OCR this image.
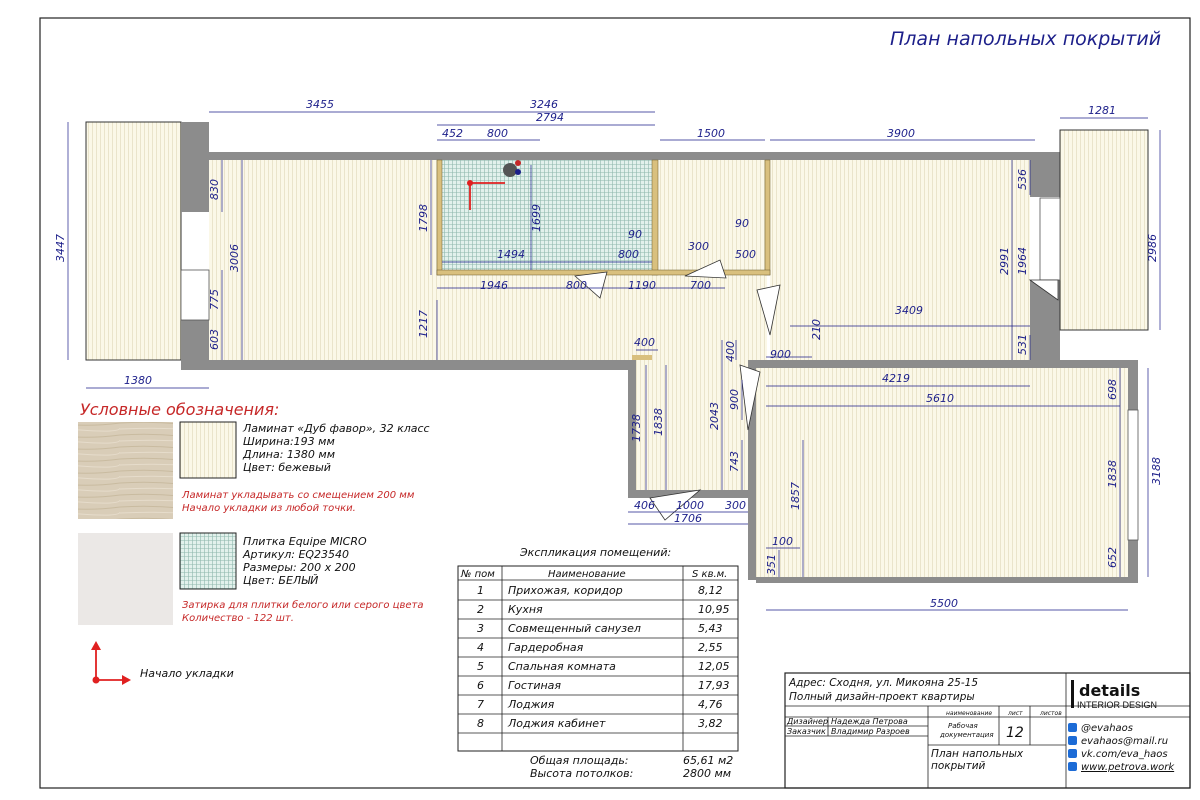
План напольных покрытий
3455	3246
452 800
2794
1500	3900
1281
3447
830
3006
775
603
1380
1798	1699
1494	800
90
300
500
90
1946	800	1190	700
1217	3409
210
2991 1964
536
531
2986
400	400	900
900
1738 1838	2043
743
406 1000 300
1706
4219
5610	698
1838	3188
652
1857
100
351
5500
Условные обозначения:
Ламинат «Дуб фавор», 32 класс
Ширина:193 мм
Длина: 1380 мм
Цвет: бежевый
Ламинат укладывать со смещением 200 мм
Начало укладки из любой точки.
Плитка Equipe MICRO
Артикул: EQ23540
Размеры: 200 х 200
Цвет: БЕЛЫЙ
Затирка для плитки белого или серого цвета
Количество - 122 шт.
Начало укладки
Экспликация помещений:
№ пом	Наименование	S кв.м.
1 Прихожая, коридор	8,12
2 Кухня	10,95
3 Совмещенный санузел	5,43
4 Гардеробная	2,55
5 Спальная комната	12,05
6 Гостиная	17,93
7 Лоджия	4,76
8 Лоджия кабинет	3,82
Общая площадь:	65,61 м2
Высота потолков:	2800 мм
Адрес: Сходня, ул. Микояна 25-15
Полный дизайн-проект квартиры
наименование	лист	листов
Дизайнер Надежда Петрова
Заказчик Владимир Разроев
Рабочая
документация 12
План напольных
покрытий
details
INTERIOR DESIGN
@evahaos
evahaos@mail.ru
vk.com/eva_haos
www.petrova.work
